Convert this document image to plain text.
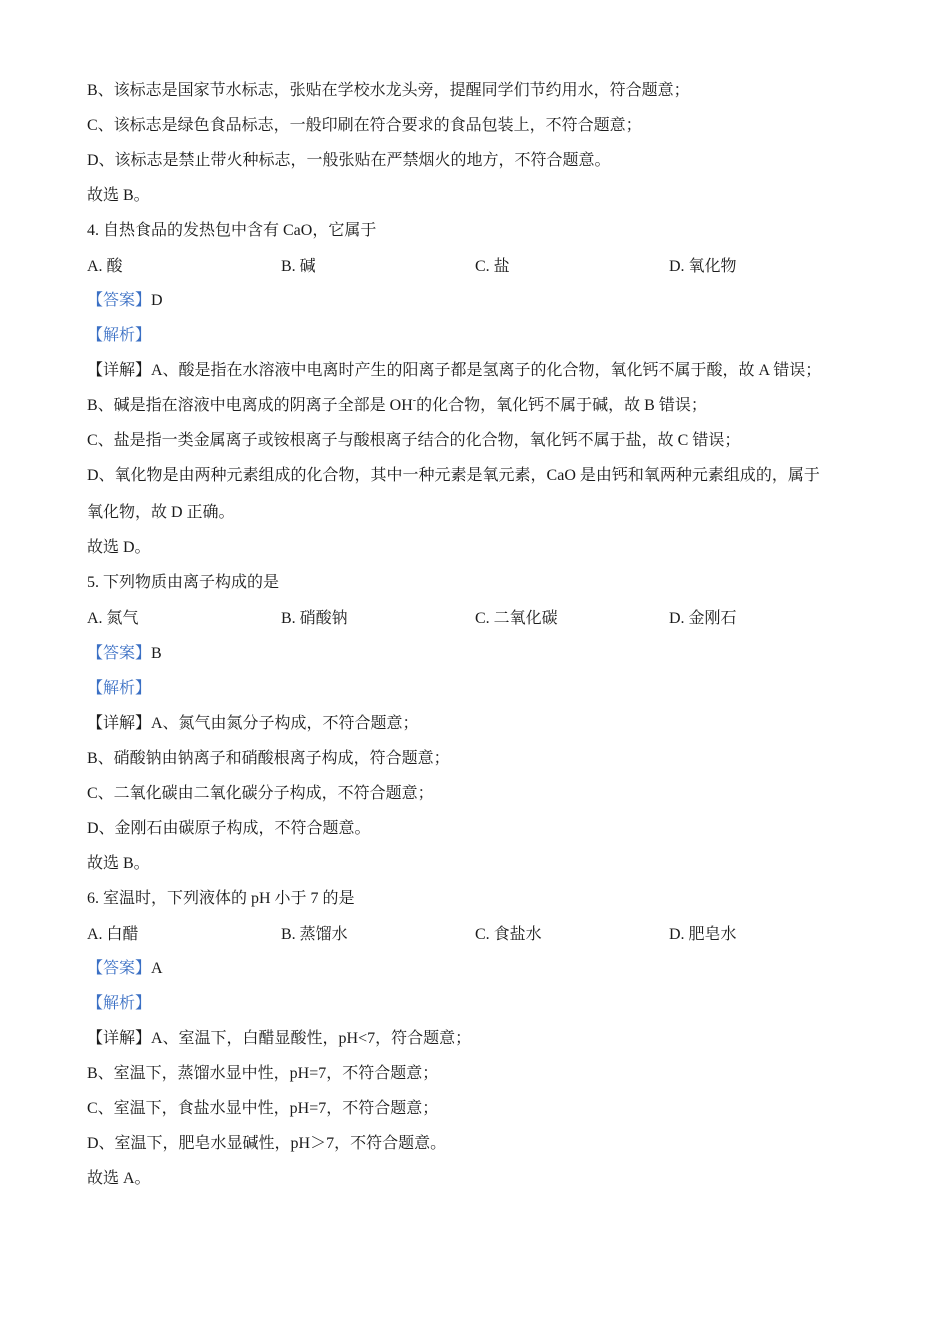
B、该标志是国家节水标志，张贴在学校水龙头旁，提醒同学们节约用水，符合题意；
C、该标志是绿色食品标志，一般印刷在符合要求的食品包装上，不符合题意；
D、该标志是禁止带火种标志，一般张贴在严禁烟火的地方，不符合题意。
故选 B。
4. 自热食品的发热包中含有 CaO，它属于
A. 酸	B. 碱	C. 盐	D. 氧化物
【答案】D
【解析】
【详解】A、酸是指在水溶液中电离时产生的阳离子都是氢离子的化合物，氧化钙不属于酸，故 A 错误；
B、碱是指在溶液中电离成的阴离子全部是 OH-的化合物，氧化钙不属于碱，故 B 错误；
C、盐是指一类金属离子或铵根离子与酸根离子结合的化合物，氧化钙不属于盐，故 C 错误；
D、氧化物是由两种元素组成的化合物，其中一种元素是氧元素，CaO 是由钙和氧两种元素组成的，属于
氧化物，故 D 正确。
故选 D。
5. 下列物质由离子构成的是
A. 氮气	B. 硝酸钠	C. 二氧化碳	D. 金刚石
【答案】B
【解析】
【详解】A、氮气由氮分子构成，不符合题意；
B、硝酸钠由钠离子和硝酸根离子构成，符合题意；
C、二氧化碳由二氧化碳分子构成，不符合题意；
D、金刚石由碳原子构成，不符合题意。
故选 B。
6. 室温时，下列液体的 pH 小于 7 的是
A. 白醋	B. 蒸馏水	C. 食盐水	D. 肥皂水
【答案】A
【解析】
【详解】A、室温下，白醋显酸性，pH<7，符合题意；
B、室温下，蒸馏水显中性，pH=7，不符合题意；
C、室温下，食盐水显中性，pH=7，不符合题意；
D、室温下，肥皂水显碱性，pH＞7，不符合题意。
故选 A。
